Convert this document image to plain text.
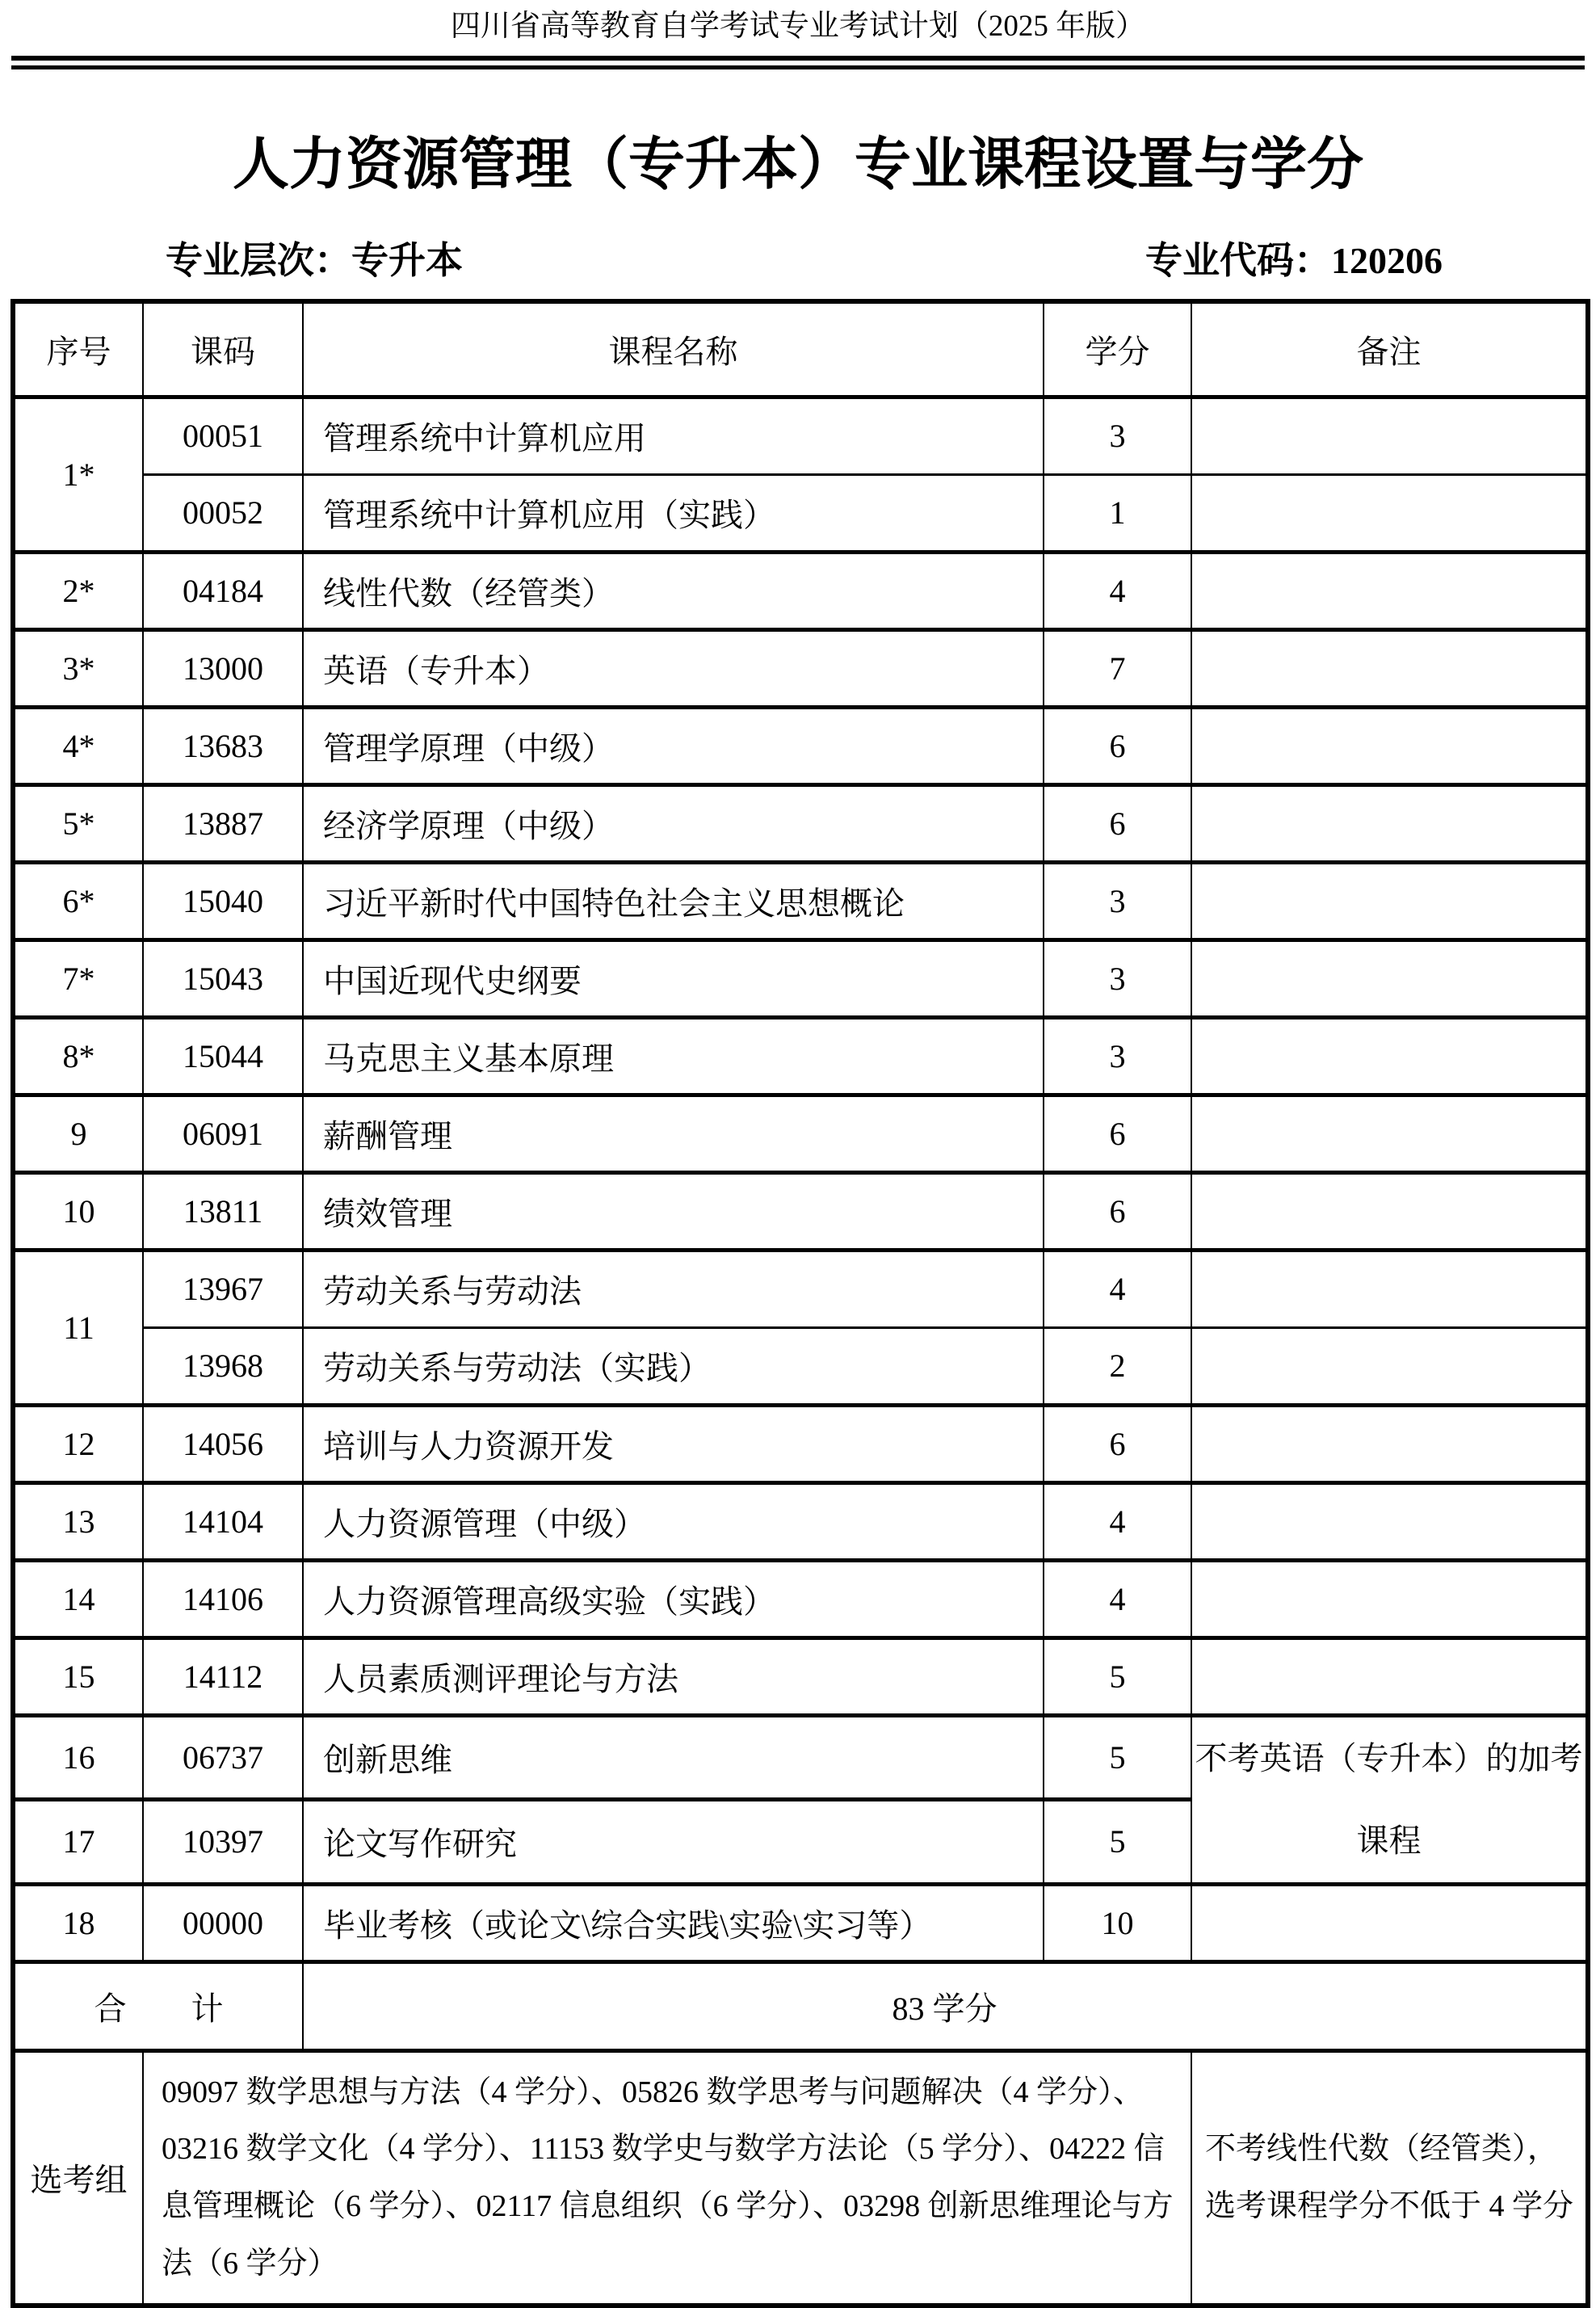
四川省高等教育自学考试专业考试计划（2025 年版）
人力资源管理（专升本）专业课程设置与学分
专业层次：专升本	专业代码：120206
序号	课码	课程名称	学分	备注
1*	00051	管理系统中计算机应用	3	
	00052	管理系统中计算机应用（实践）	1	
2*	04184	线性代数（经管类）	4	
3*	13000	英语（专升本）	7	
4*	13683	管理学原理（中级）	6	
5*	13887	经济学原理（中级）	6	
6*	15040	习近平新时代中国特色社会主义思想概论	3	
7*	15043	中国近现代史纲要	3	
8*	15044	马克思主义基本原理	3	
9	06091	薪酬管理	6	
10	13811	绩效管理	6	
11	13967	劳动关系与劳动法	4	
	13968	劳动关系与劳动法（实践）	2	
12	14056	培训与人力资源开发	6	
13	14104	人力资源管理（中级）	4	
14	14106	人力资源管理高级实验（实践）	4	
15	14112	人员素质测评理论与方法	5	
16	06737	创新思维	5	不考英语（专升本）的加考课程
17	10397	论文写作研究	5	
18	00000	毕业考核（或论文\综合实践\实验\实习等）	10	
合　　计		83 学分		
选考组	09097 数学思想与方法（4 学分）、05826 数学思考与问题解决（4 学分）、03216 数学文化（4 学分）、11153 数学史与数学方法论（5 学分）、04222 信息管理概论（6 学分）、02117 信息组织（6 学分）、03298 创新思维理论与方法（6 学分）			不考线性代数（经管类），选考课程学分不低于 4 学分
